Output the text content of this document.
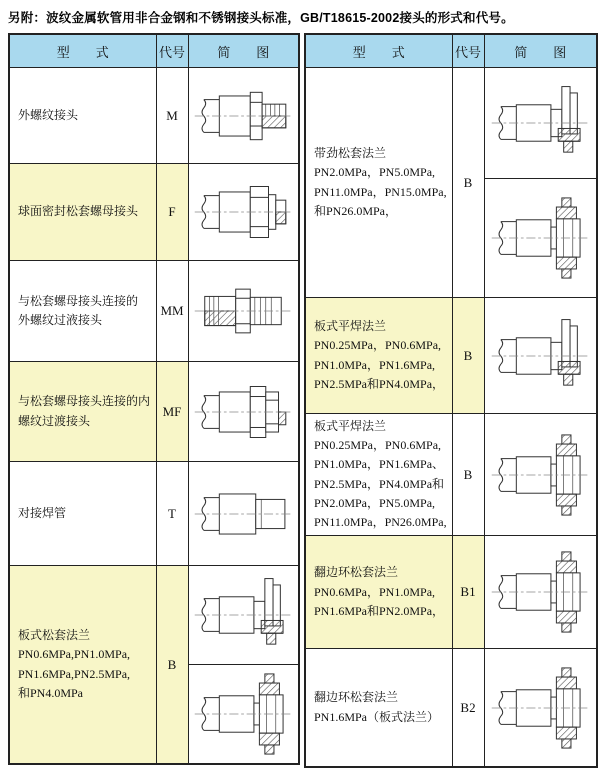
另附：波纹金属软管用非合金钢和不锈钢接头标准，GB/T18615-2002接头的形式和代号。
型　　式	代号	简　　图

外螺纹接头	M	

球面密封松套螺母接头	F	

与松套螺母接头连接的
外螺纹过液接头	MM	

与松套螺母接头连接的内
螺纹过渡接头	MF	

对接焊管	T	

板式松套法兰
PN0.6MPa,PN1.0MPa,
PN1.6MPa,PN2.5MPa,
和PN4.0MPa	B	

型　　式	代号	简　　图

带劲松套法兰
PN2.0MPa，PN5.0MPa,
PN11.0MPa，PN15.0MPa,
和PN26.0MPa，	B	

板式平焊法兰
PN0.25MPa，PN0.6MPa,
PN1.0MPa，PN1.6MPa,
PN2.5MPa和PN4.0MPa，	B	

板式平焊法兰
PN0.25MPa，PN0.6MPa,
PN1.0MPa，PN1.6MPa、
PN2.5MPa，PN4.0MPa和
PN2.0MPa，PN5.0MPa,
PN11.0MPa，PN26.0MPa,
	B	

翻边环松套法兰
PN0.6MPa，PN1.0MPa,
PN1.6MPa和PN2.0MPa，	B1	

翻边环松套法兰
PN1.6MPa（板式法兰）	B2	
